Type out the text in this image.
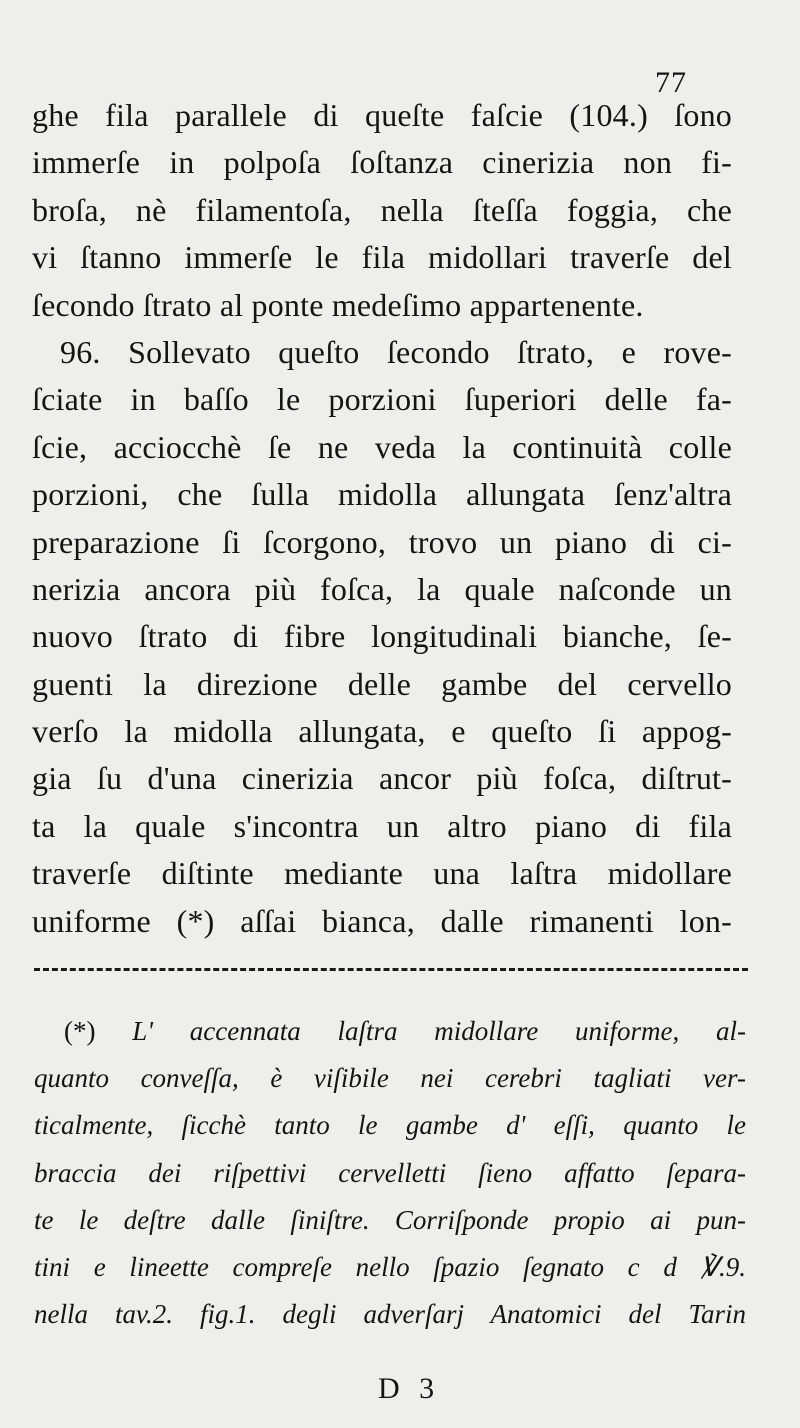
77
ghe fila parallele di queſte faſcie (104.) ſono
immerſe in polpoſa ſoſtanza cinerizia non fi-
broſa, nè filamentoſa, nella ſteſſa foggia, che
vi ſtanno immerſe le fila midollari traverſe del
ſecondo ſtrato al ponte medeſimo appartenente.
96. Sollevato queſto ſecondo ſtrato, e rove-
ſciate in baſſo le porzioni ſuperiori delle fa-
ſcie, acciocchè ſe ne veda la continuità colle
porzioni, che ſulla midolla allungata ſenz'altra
preparazione ſi ſcorgono, trovo un piano di ci-
nerizia ancora più foſca, la quale naſconde un
nuovo ſtrato di fibre longitudinali bianche, ſe-
guenti la direzione delle gambe del cervello
verſo la midolla allungata, e queſto ſi appog-
gia ſu d'una cinerizia ancor più foſca, diſtrut-
ta la quale s'incontra un altro piano di fila
traverſe diſtinte mediante una laſtra midollare
uniforme (*) aſſai bianca, dalle rimanenti lon-
(*) L' accennata laſtra midollare uniforme, al-
quanto conveſſa, è viſibile nei cerebri tagliati ver-
ticalmente, ſicchè tanto le gambe d' eſſi, quanto le
braccia dei riſpettivi cervelletti ſieno affatto ſepara-
te le deſtre dalle ſiniſtre. Corriſponde propio ai pun-
tini e lineette compreſe nello ſpazio ſegnato c d ℣.9.
nella tav.2. fig.1. degli adverſarj Anatomici del Tarin
D 3
